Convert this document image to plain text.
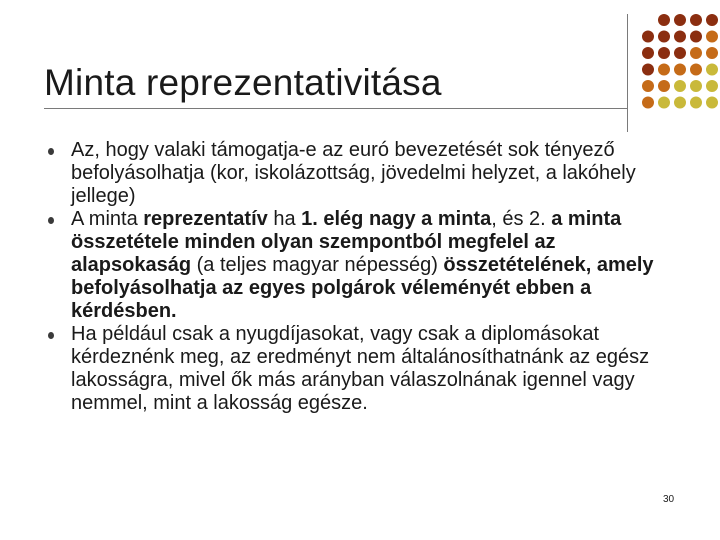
Minta reprezentativitása
Az, hogy valaki támogatja-e az euró bevezetését sok tényező befolyásolhatja (kor, iskolázottság, jövedelmi helyzet, a lakóhely jellege)
A minta reprezentatív ha 1. elég nagy a minta, és 2. a minta összetétele minden olyan szempontból megfelel az alapsokaság (a teljes magyar népesség) összetételének, amely befolyásolhatja az egyes polgárok véleményét ebben a kérdésben.
Ha például csak a nyugdíjasokat, vagy csak a diplomásokat kérdeznénk meg, az eredményt nem általánosíthatnánk az egész lakosságra, mivel ők más arányban válaszolnának igennel vagy nemmel, mint a lakosság egésze.
30
